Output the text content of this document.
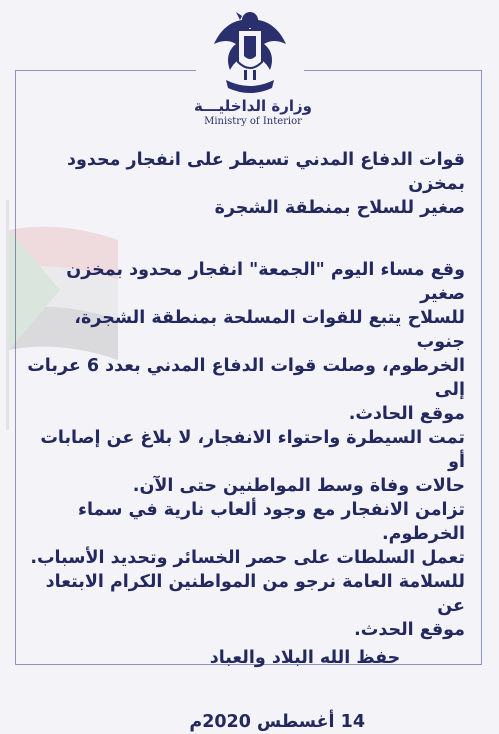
وزارة الداخليـــة
Ministry of Interior

قوات الدفاع المدني تسيطر على انفجار محدود بمخزن
صغير للسلاح بمنطقة الشجرة

وقع مساء اليوم "الجمعة" انفجار محدود بمخزن صغير
للسلاح يتبع للقوات المسلحة بمنطقة الشجرة، جنوب
الخرطوم، وصلت قوات الدفاع المدني بعدد 6 عربات إلى
موقع الحادث.
تمت السيطرة واحتواء الانفجار، لا بلاغ عن إصابات أو
حالات وفاة وسط المواطنين حتى الآن.
تزامن الانفجار مع وجود ألعاب نارية في سماء الخرطوم.
تعمل السلطات على حصر الخسائر وتحديد الأسباب.
للسلامة العامة نرجو من المواطنين الكرام الابتعاد عن
موقع الحدث.

حفظ الله البلاد والعباد

14 أغسطس 2020م
